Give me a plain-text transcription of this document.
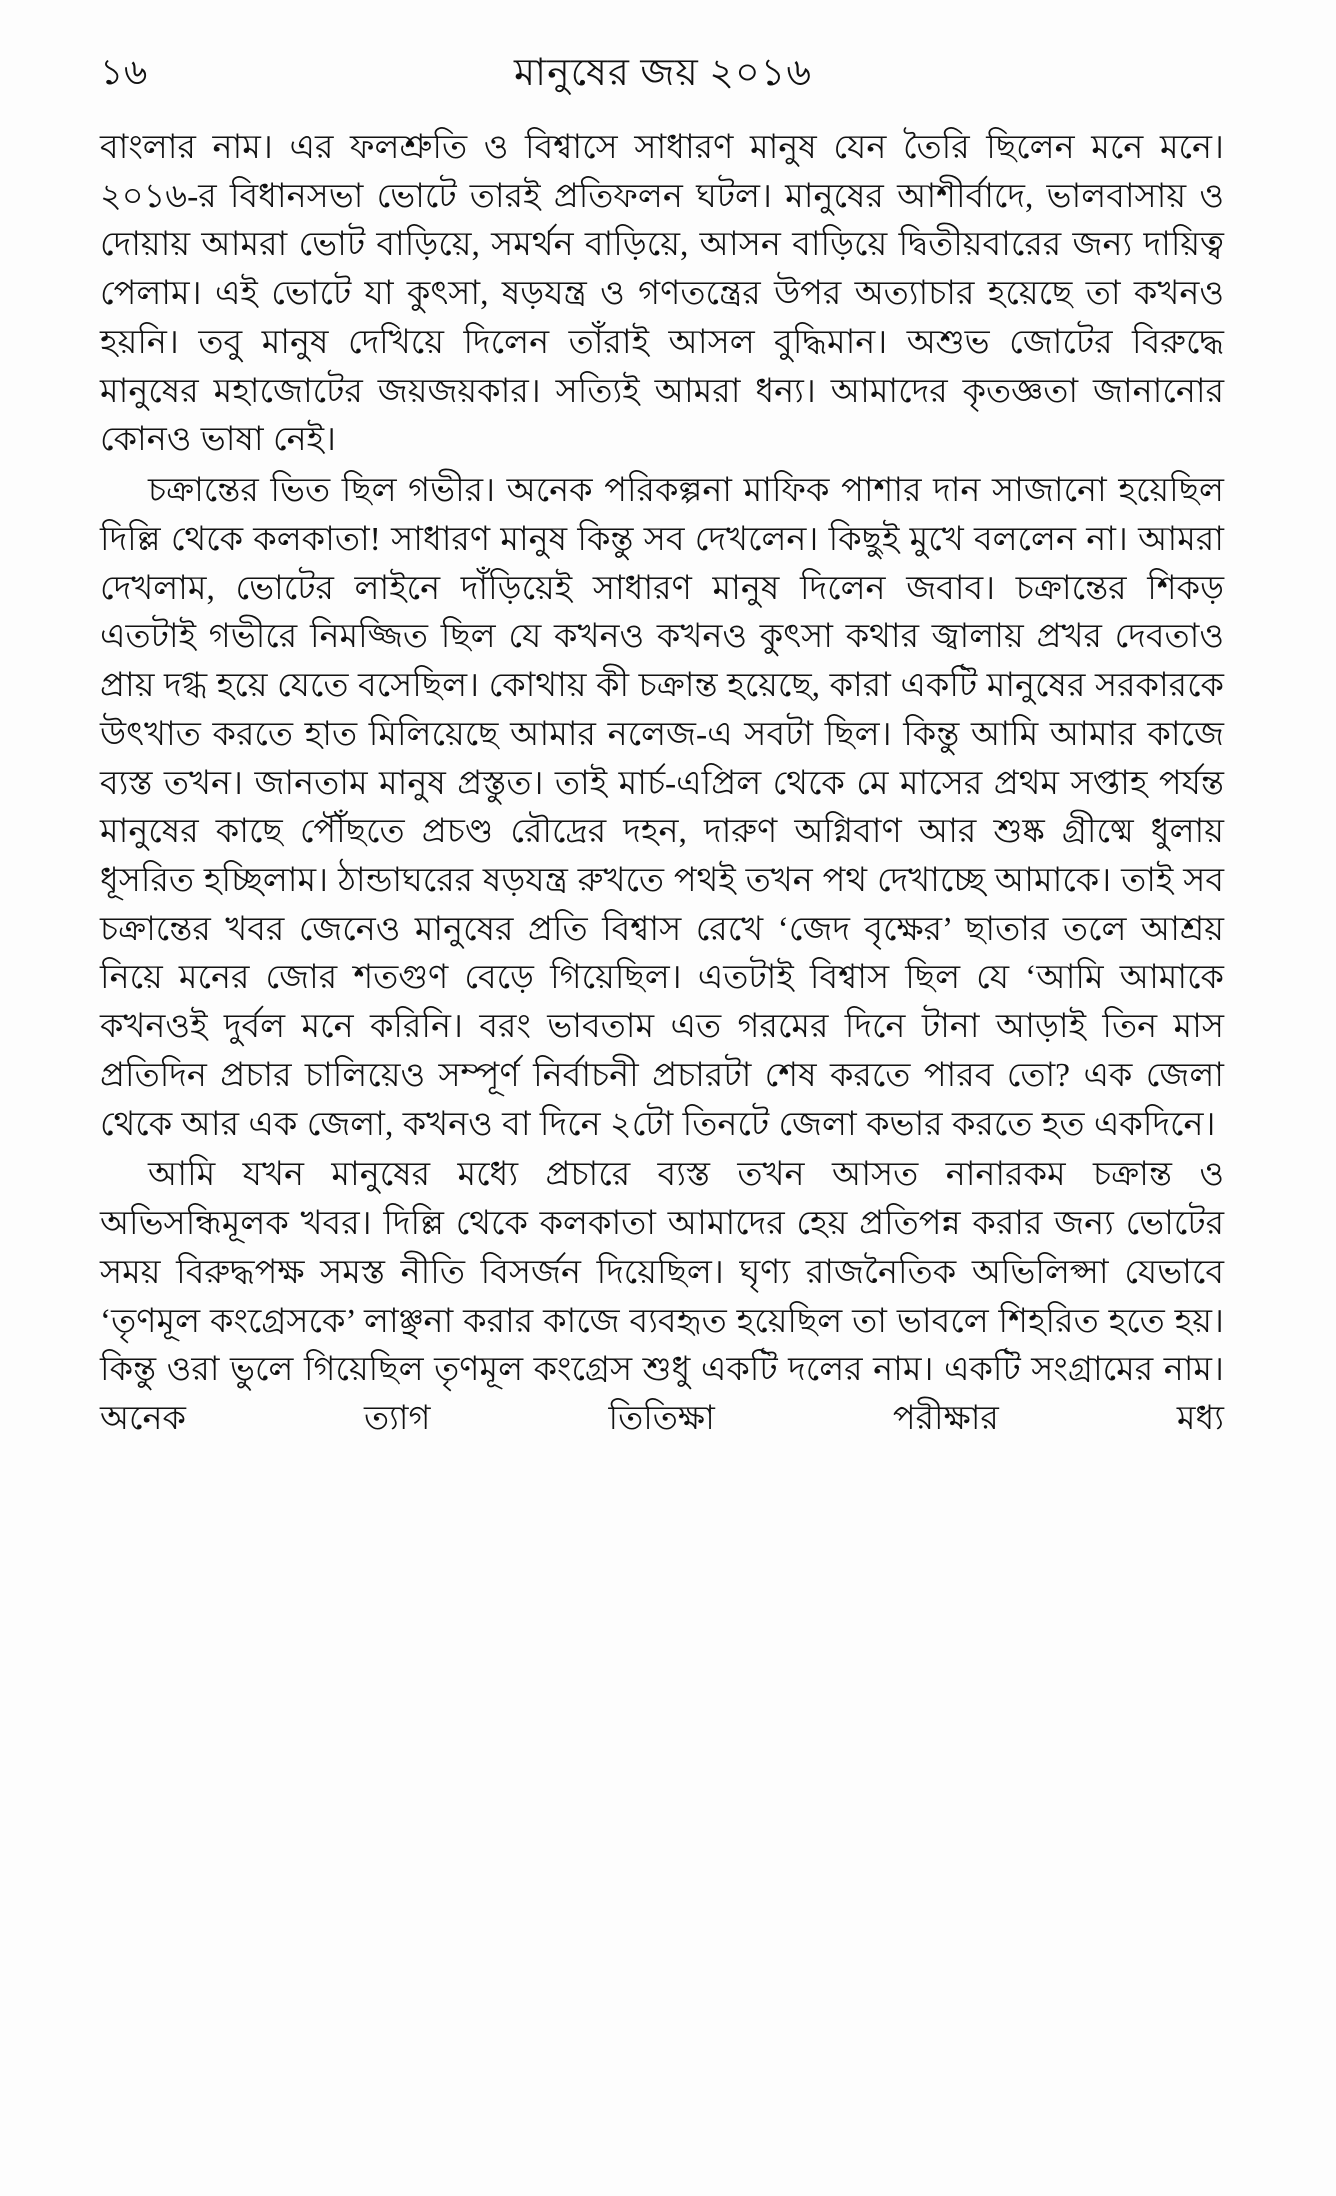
১৬	মানুষের জয় ২০১৬

বাংলার নাম। এর ফলশ্রুতি ও বিশ্বাসে সাধারণ মানুষ যেন তৈরি ছিলেন মনে মনে। ২০১৬-র বিধানসভা ভোটে তারই প্রতিফলন ঘটল। মানুষের আশীর্বাদে, ভালবাসায় ও দোয়ায় আমরা ভোট বাড়িয়ে, সমর্থন বাড়িয়ে, আসন বাড়িয়ে দ্বিতীয়বারের জন্য দায়িত্ব পেলাম। এই ভোটে যা কুৎসা, ষড়যন্ত্র ও গণতন্ত্রের উপর অত্যাচার হয়েছে তা কখনও হয়নি। তবু মানুষ দেখিয়ে দিলেন তাঁরাই আসল বুদ্ধিমান। অশুভ জোটের বিরুদ্ধে মানুষের মহাজোটের জয়জয়কার। সত্যিই আমরা ধন্য। আমাদের কৃতজ্ঞতা জানানোর কোনও ভাষা নেই।

চক্রান্তের ভিত ছিল গভীর। অনেক পরিকল্পনা মাফিক পাশার দান সাজানো হয়েছিল দিল্লি থেকে কলকাতা! সাধারণ মানুষ কিন্তু সব দেখলেন। কিছুই মুখে বললেন না। আমরা দেখলাম, ভোটের লাইনে দাঁড়িয়েই সাধারণ মানুষ দিলেন জবাব। চক্রান্তের শিকড় এতটাই গভীরে নিমজ্জিত ছিল যে কখনও কখনও কুৎসা কথার জ্বালায় প্রখর দেবতাও প্রায় দগ্ধ হয়ে যেতে বসেছিল। কোথায় কী চক্রান্ত হয়েছে, কারা একটি মানুষের সরকারকে উৎখাত করতে হাত মিলিয়েছে আমার নলেজ-এ সবটা ছিল। কিন্তু আমি আমার কাজে ব্যস্ত তখন। জানতাম মানুষ প্রস্তুত। তাই মার্চ-এপ্রিল থেকে মে মাসের প্রথম সপ্তাহ পর্যন্ত মানুষের কাছে পৌঁছতে প্রচণ্ড রৌদ্রের দহন, দারুণ অগ্নিবাণ আর শুষ্ক গ্রীষ্মে ধুলায় ধূসরিত হচ্ছিলাম। ঠান্ডাঘরের ষড়যন্ত্র রুখতে পথই তখন পথ দেখাচ্ছে আমাকে। তাই সব চক্রান্তের খবর জেনেও মানুষের প্রতি বিশ্বাস রেখে ‘জেদ বৃক্ষের’ ছাতার তলে আশ্রয় নিয়ে মনের জোর শতগুণ বেড়ে গিয়েছিল। এতটাই বিশ্বাস ছিল যে ‘আমি আমাকে কখনওই দুর্বল মনে করিনি। বরং ভাবতাম এত গরমের দিনে টানা আড়াই তিন মাস প্রতিদিন প্রচার চালিয়েও সম্পূর্ণ নির্বাচনী প্রচারটা শেষ করতে পারব তো? এক জেলা থেকে আর এক জেলা, কখনও বা দিনে ২টো তিনটে জেলা কভার করতে হত একদিনে।

আমি যখন মানুষের মধ্যে প্রচারে ব্যস্ত তখন আসত নানারকম চক্রান্ত ও অভিসন্ধিমূলক খবর। দিল্লি থেকে কলকাতা আমাদের হেয় প্রতিপন্ন করার জন্য ভোটের সময় বিরুদ্ধপক্ষ সমস্ত নীতি বিসর্জন দিয়েছিল। ঘৃণ্য রাজনৈতিক অভিলিপ্সা যেভাবে ‘তৃণমূল কংগ্রেসকে’ লাঞ্ছনা করার কাজে ব্যবহৃত হয়েছিল তা ভাবলে শিহরিত হতে হয়। কিন্তু ওরা ভুলে গিয়েছিল তৃণমূল কংগ্রেস শুধু একটি দলের নাম। একটি সংগ্রামের নাম। অনেক ত্যাগ তিতিক্ষা পরীক্ষার মধ্য
